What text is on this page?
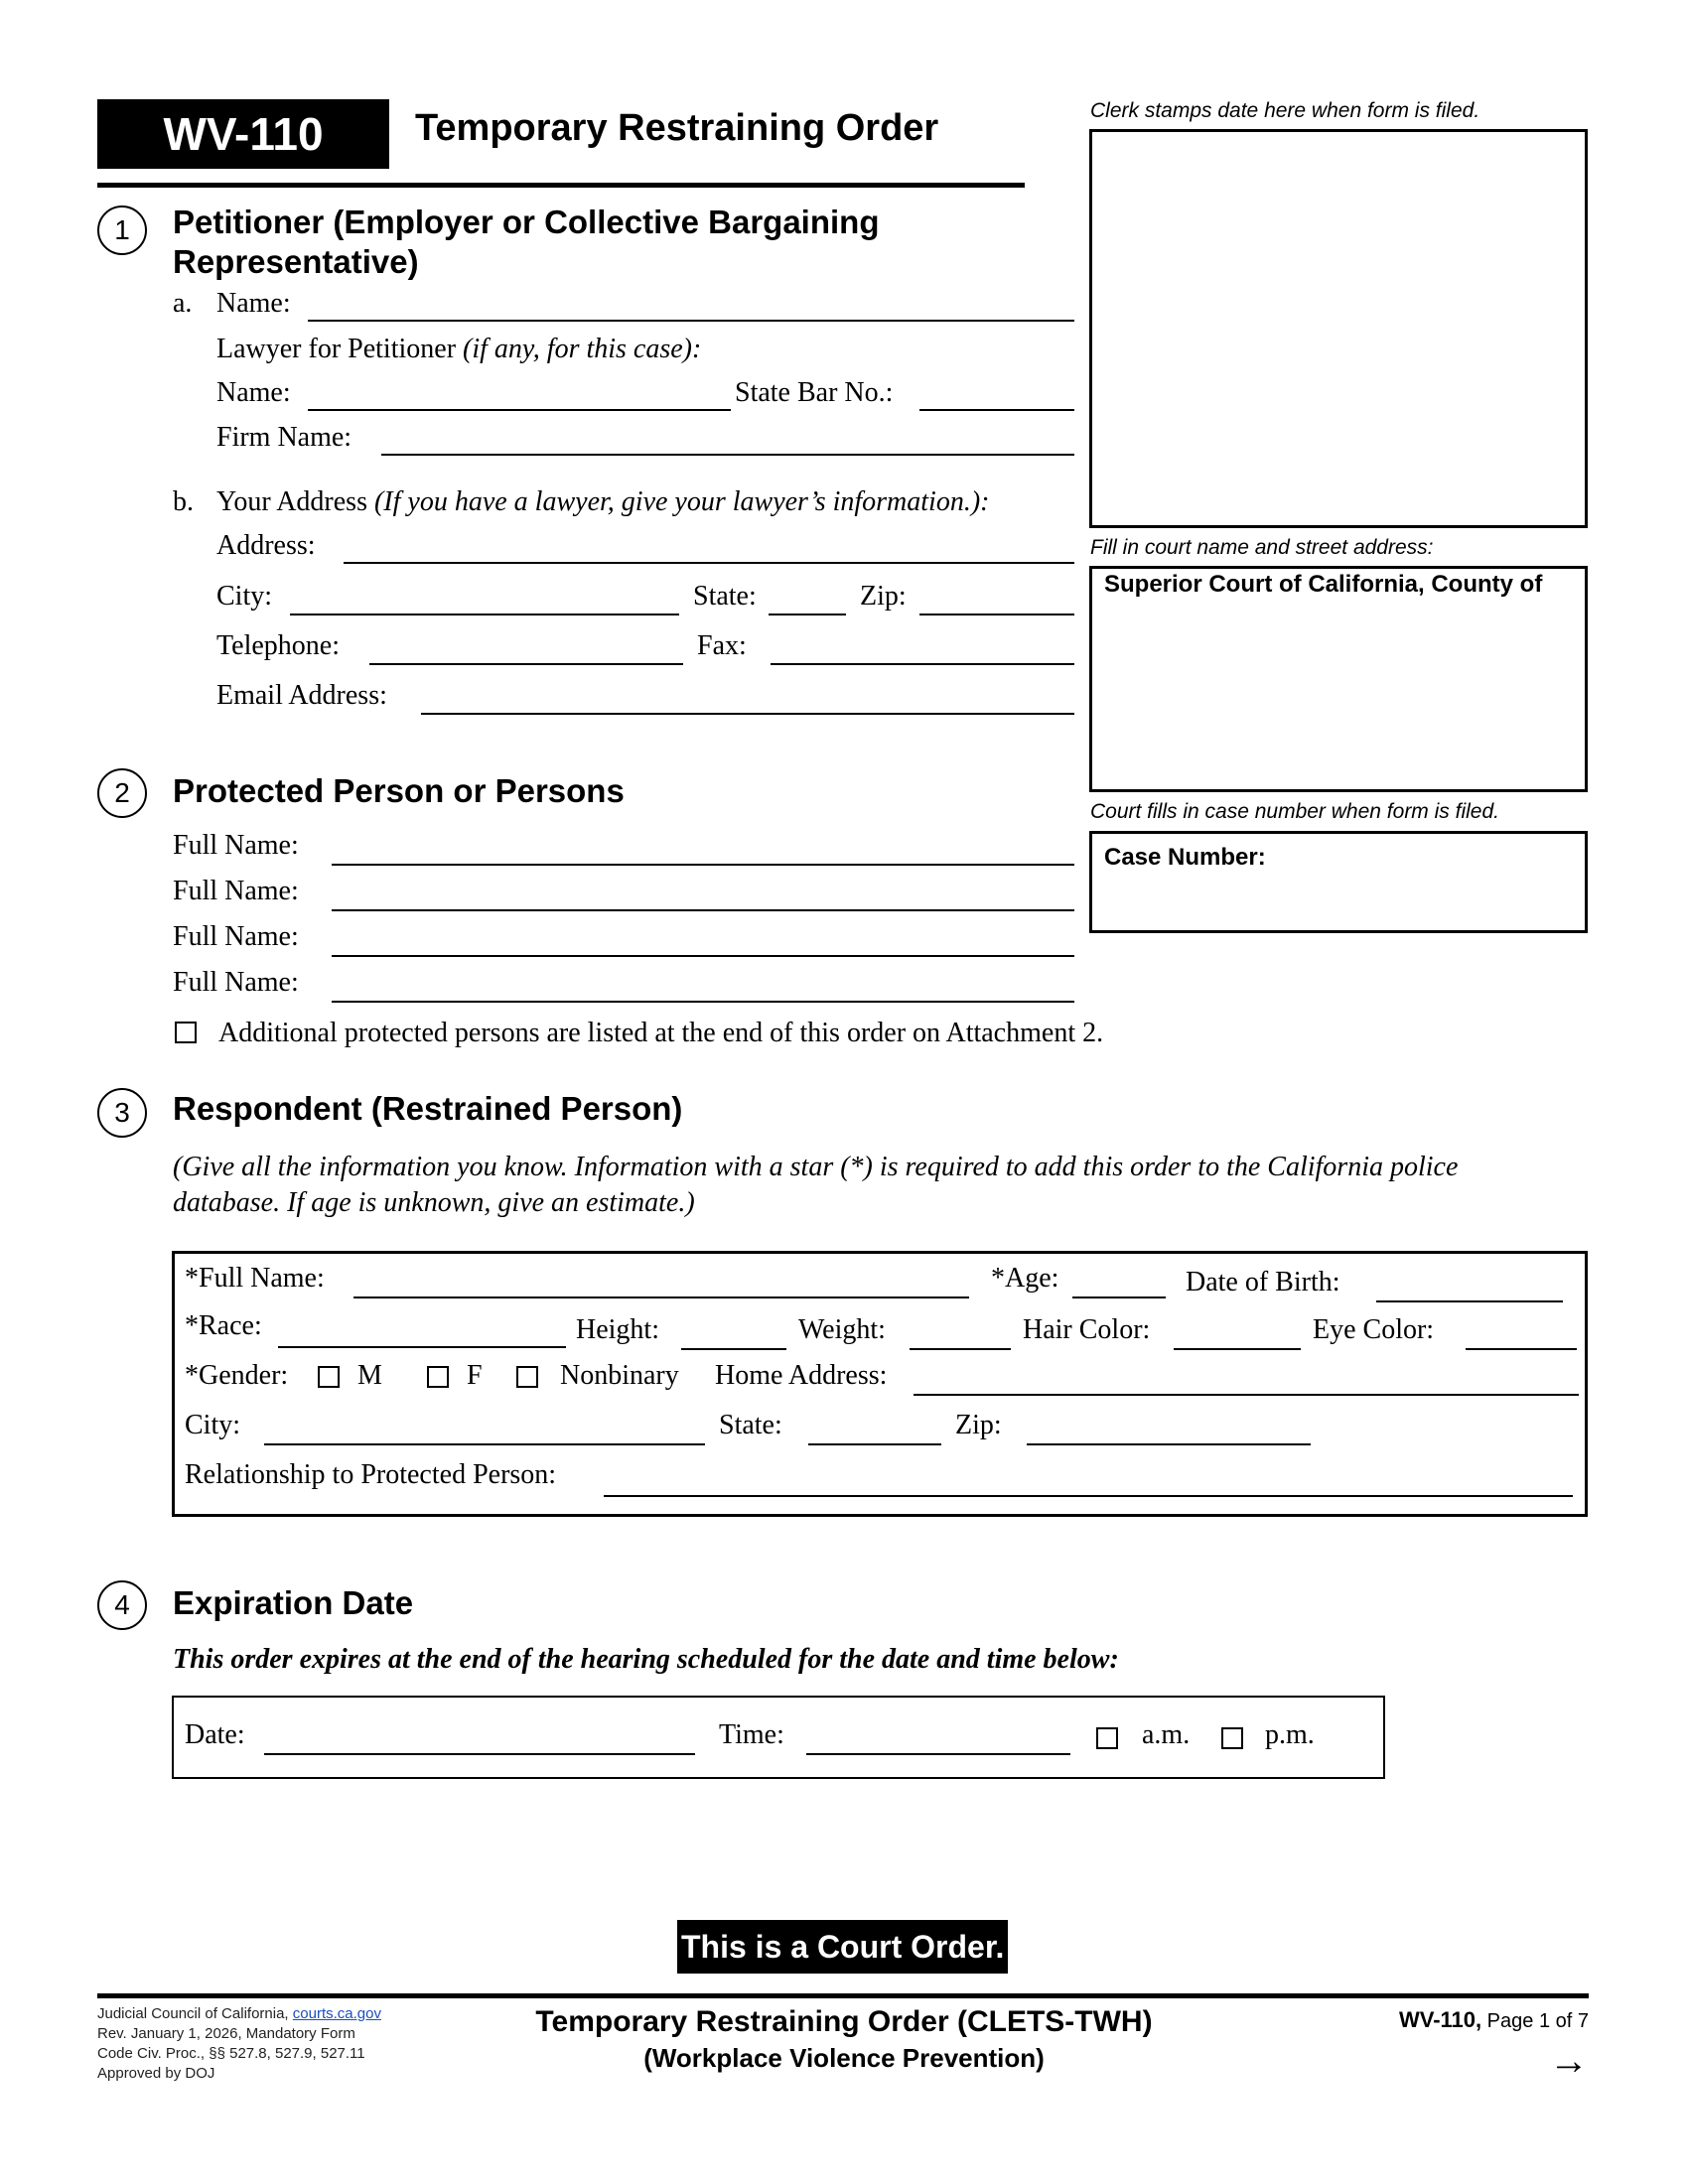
WV-110	Temporary Restraining Order	Clerk stamps date here when form is filed.
Fill in court name and street address:
Superior Court of California, County of
Court fills in case number when form is filed.
Case Number:
1	Petitioner (Employer or Collective Bargaining
Representative)
a. Name:
Lawyer for Petitioner (if any, for this case):
Name:	State Bar No.:
Firm Name:
b. Your Address (If you have a lawyer, give your lawyer’s information.):
Address:
City:	State:	Zip:
Telephone:	Fax:
Email Address:
2	Protected Person or Persons
Full Name:
Full Name:
Full Name:
Full Name:
Additional protected persons are listed at the end of this order on Attachment 2.
3	Respondent (Restrained Person)
(Give all the information you know. Information with a star (*) is required to add this order to the California police
database. If age is unknown, give an estimate.)
*Full Name:	*Age:	Date of Birth:
*Race:	Height:	Weight:	Hair Color:	Eye Color:
*Gender: M	F	Nonbinary Home Address:
City:	State:	Zip:
Relationship to Protected Person:
4	Expiration Date
This order expires at the end of the hearing scheduled for the date and time below:
Date:	Time:	a.m.	p.m.
This is a Court Order.
Judicial Council of California, courts.ca.gov
Rev. January 1, 2026, Mandatory Form
Code Civ. Proc., §§ 527.8, 527.9, 527.11
Approved by DOJ
Temporary Restraining Order (CLETS-TWH)
(Workplace Violence Prevention)
WV-110, Page 1 of 7
→
